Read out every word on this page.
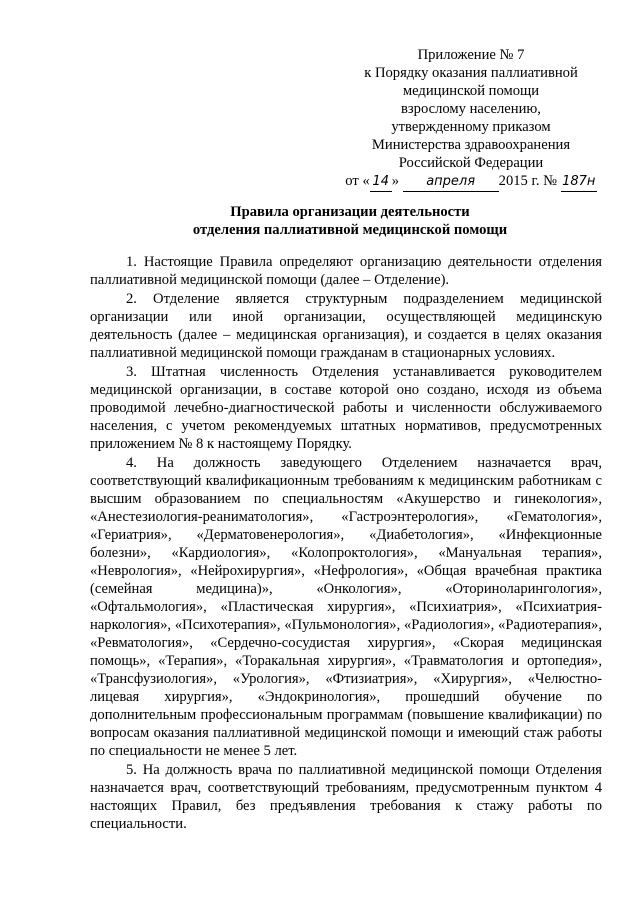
Приложение № 7
к Порядку оказания паллиативной
медицинской помощи
взрослому населению,
утвержденному приказом
Министерства здравоохранения
Российской Федерации
от « 14 » апреля 2015 г. № 187н
Правила организации деятельности
отделения паллиативной медицинской помощи

1. Настоящие Правила определяют организацию деятельности отделения паллиативной медицинской помощи (далее – Отделение).

2. Отделение является структурным подразделением медицинской организации или иной организации, осуществляющей медицинскую деятельность (далее – медицинская организация), и создается в целях оказания паллиативной медицинской помощи гражданам в стационарных условиях.

3. Штатная численность Отделения устанавливается руководителем медицинской организации, в составе которой оно создано, исходя из объема проводимой лечебно-диагностической работы и численности обслуживаемого населения, с учетом рекомендуемых штатных нормативов, предусмотренных приложением № 8 к настоящему Порядку.

4. На должность заведующего Отделением назначается врач, соответствующий квалификационным требованиям к медицинским работникам с высшим образованием по специальностям «Акушерство и гинекология», «Анестезиология-реаниматология», «Гастроэнтерология», «Гематология», «Гериатрия», «Дерматовенерология», «Диабетология», «Инфекционные болезни», «Кардиология», «Колопроктология», «Мануальная терапия», «Неврология», «Нейрохирургия», «Нефрология», «Общая врачебная практика (семейная медицина)», «Онкология», «Оториноларингология», «Офтальмология», «Пластическая хирургия», «Психиатрия», «Психиатрия-наркология», «Психотерапия», «Пульмонология», «Радиология», «Радиотерапия», «Ревматология», «Сердечно-сосудистая хирургия», «Скорая медицинская помощь», «Терапия», «Торакальная хирургия», «Травматология и ортопедия», «Трансфузиология», «Урология», «Фтизиатрия», «Хирургия», «Челюстно-лицевая хирургия», «Эндокринология», прошедший обучение по дополнительным профессиональным программам (повышение квалификации) по вопросам оказания паллиативной медицинской помощи и имеющий стаж работы по специальности не менее 5 лет.

5. На должность врача по паллиативной медицинской помощи Отделения назначается врач, соответствующий требованиям, предусмотренным пунктом 4 настоящих Правил, без предъявления требования к стажу работы по специальности.
